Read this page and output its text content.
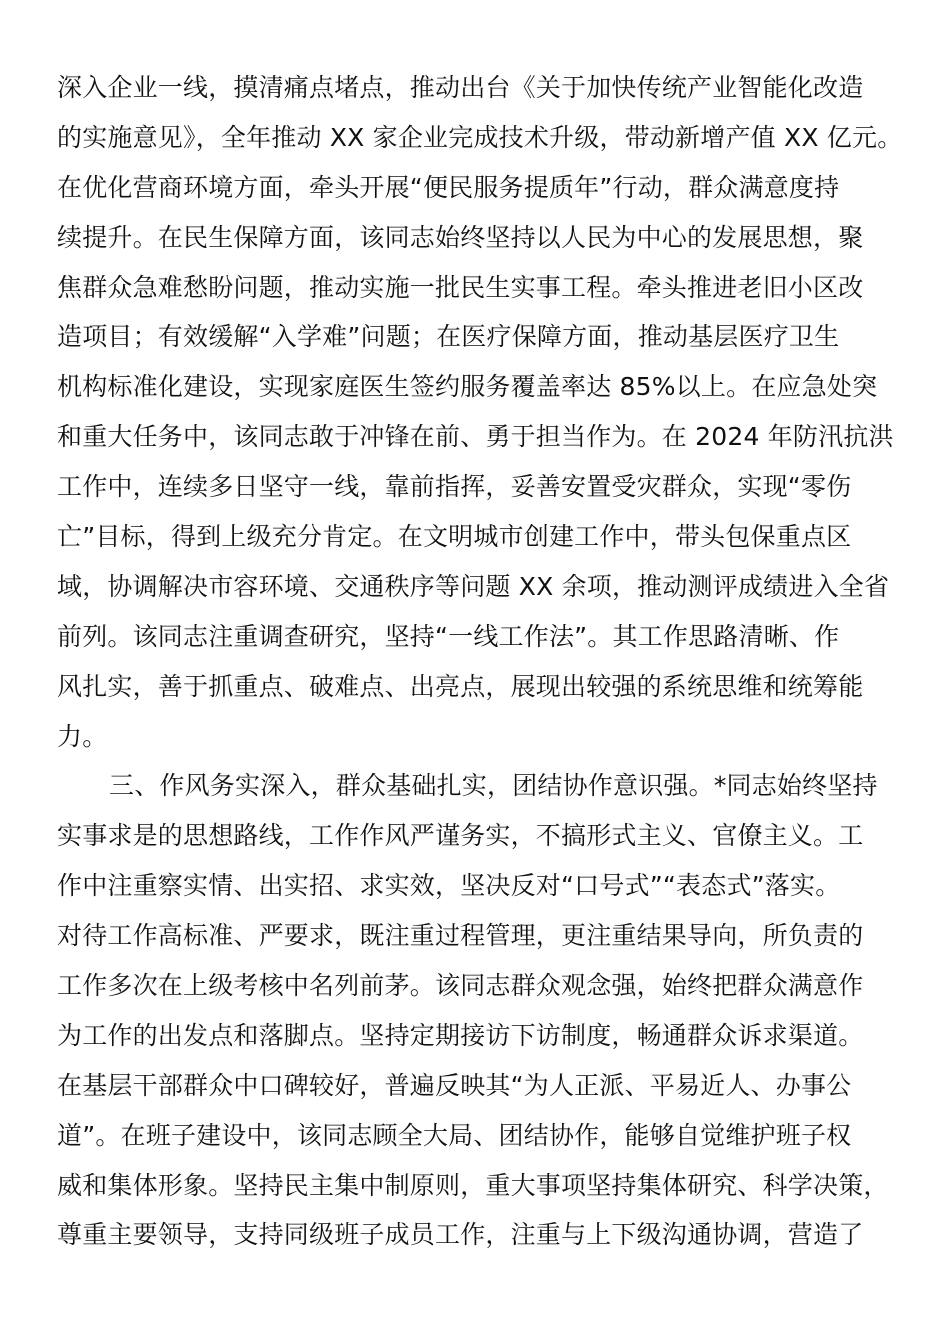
深入企业一线，摸清痛点堵点，推动出台《关于加快传统产业智能化改造
的实施意见》，全年推动 XX 家企业完成技术升级，带动新增产值 XX 亿元。
在优化营商环境方面，牵头开展“便民服务提质年”行动，群众满意度持
续提升。在民生保障方面，该同志始终坚持以人民为中心的发展思想，聚
焦群众急难愁盼问题，推动实施一批民生实事工程。牵头推进老旧小区改
造项目；有效缓解“入学难”问题；在医疗保障方面，推动基层医疗卫生
机构标准化建设，实现家庭医生签约服务覆盖率达 85%以上。在应急处突
和重大任务中，该同志敢于冲锋在前、勇于担当作为。在 2024 年防汛抗洪
工作中，连续多日坚守一线，靠前指挥，妥善安置受灾群众，实现“零伤
亡”目标，得到上级充分肯定。在文明城市创建工作中，带头包保重点区
域，协调解决市容环境、交通秩序等问题 XX 余项，推动测评成绩进入全省
前列。该同志注重调查研究，坚持“一线工作法”。其工作思路清晰、作
风扎实，善于抓重点、破难点、出亮点，展现出较强的系统思维和统筹能
力。
三、作风务实深入，群众基础扎实，团结协作意识强。*同志始终坚持
实事求是的思想路线，工作作风严谨务实，不搞形式主义、官僚主义。工
作中注重察实情、出实招、求实效，坚决反对“口号式”“表态式”落实。
对待工作高标准、严要求，既注重过程管理，更注重结果导向，所负责的
工作多次在上级考核中名列前茅。该同志群众观念强，始终把群众满意作
为工作的出发点和落脚点。坚持定期接访下访制度，畅通群众诉求渠道。
在基层干部群众中口碑较好，普遍反映其“为人正派、平易近人、办事公
道”。在班子建设中，该同志顾全大局、团结协作，能够自觉维护班子权
威和集体形象。坚持民主集中制原则，重大事项坚持集体研究、科学决策，
尊重主要领导，支持同级班子成员工作，注重与上下级沟通协调，营造了
